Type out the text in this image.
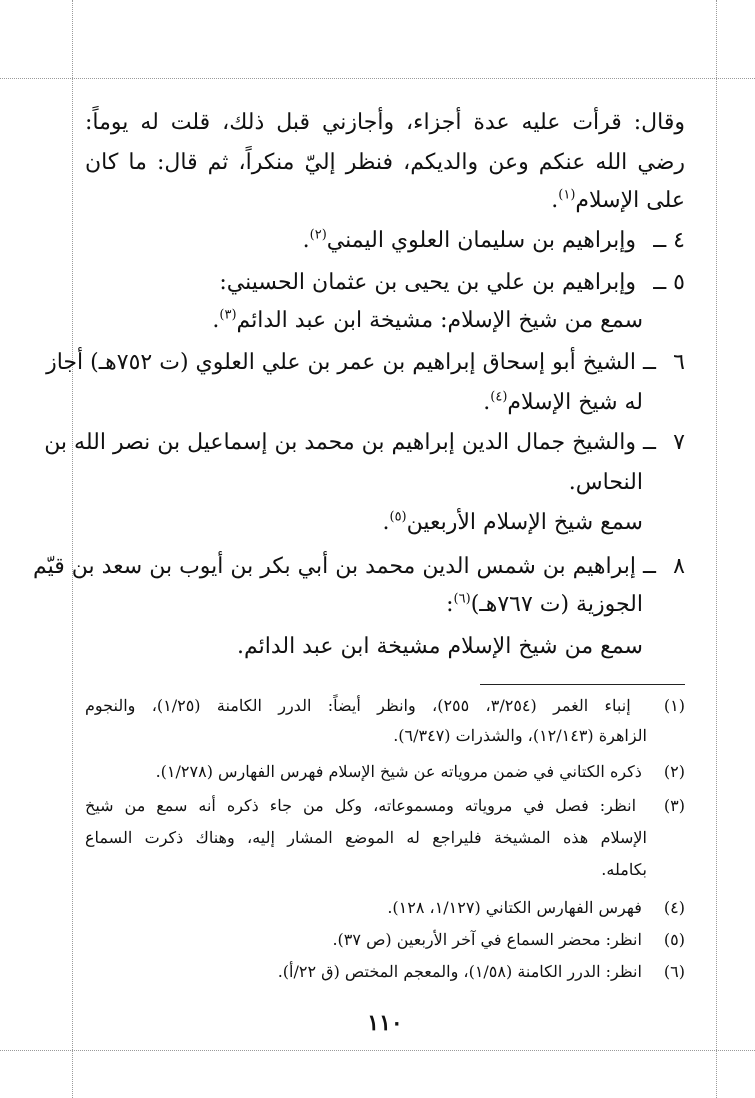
وقال: قرأت عليه عدة أجزاء، وأجازني قبل ذلك، قلت له يوماً:
رضي الله عنكم وعن والديكم، فنظر إليّ منكراً، ثم قال: ما كان
على الإسلام$^{(١)}$.
٤ ــ وإبراهيم بن سليمان العلوي اليمني$^{(٢)}$.
٥ ــ وإبراهيم بن علي بن يحيى بن عثمان الحسيني:
سمع من شيخ الإسلام: مشيخة ابن عبد الدائم$^{(٣)}$.
٦ ــ الشيخ أبو إسحاق إبراهيم بن عمر بن علي العلوي (ت ٧٥٢هـ) أجاز
له شيخ الإسلام$^{(٤)}$.
٧ ــ والشيخ جمال الدين إبراهيم بن محمد بن إسماعيل بن نصر الله بن
النحاس.
سمع شيخ الإسلام الأربعين$^{(٥)}$.
٨ ــ إبراهيم بن شمس الدين محمد بن أبي بكر بن أيوب بن سعد بن قيّم
الجوزية (ت ٧٦٧هـ)$^{(٦)}$:
سمع من شيخ الإسلام مشيخة ابن عبد الدائم.
(١) إنباء الغمر (٣/٢٥٤، ٢٥٥)، وانظر أيضاً: الدرر الكامنة (١/٢٥)، والنجوم
الزاهرة (١٢/١٤٣)، والشذرات (٦/٣٤٧).
(٢) ذكره الكتاني في ضمن مروياته عن شيخ الإسلام فهرس الفهارس (١/٢٧٨).
(٣) انظر: فصل في مروياته ومسموعاته، وكل من جاء ذكره أنه سمع من شيخ
الإسلام هذه المشيخة فليراجع له الموضع المشار إليه، وهناك ذكرت السماع
بكامله.
(٤) فهرس الفهارس الكتاني (١/١٢٧، ١٢٨).
(٥) انظر: محضر السماع في آخر الأربعين (ص ٣٧).
(٦) انظر: الدرر الكامنة (١/٥٨)، والمعجم المختص (ق ٢٢/أ).
١١٠
